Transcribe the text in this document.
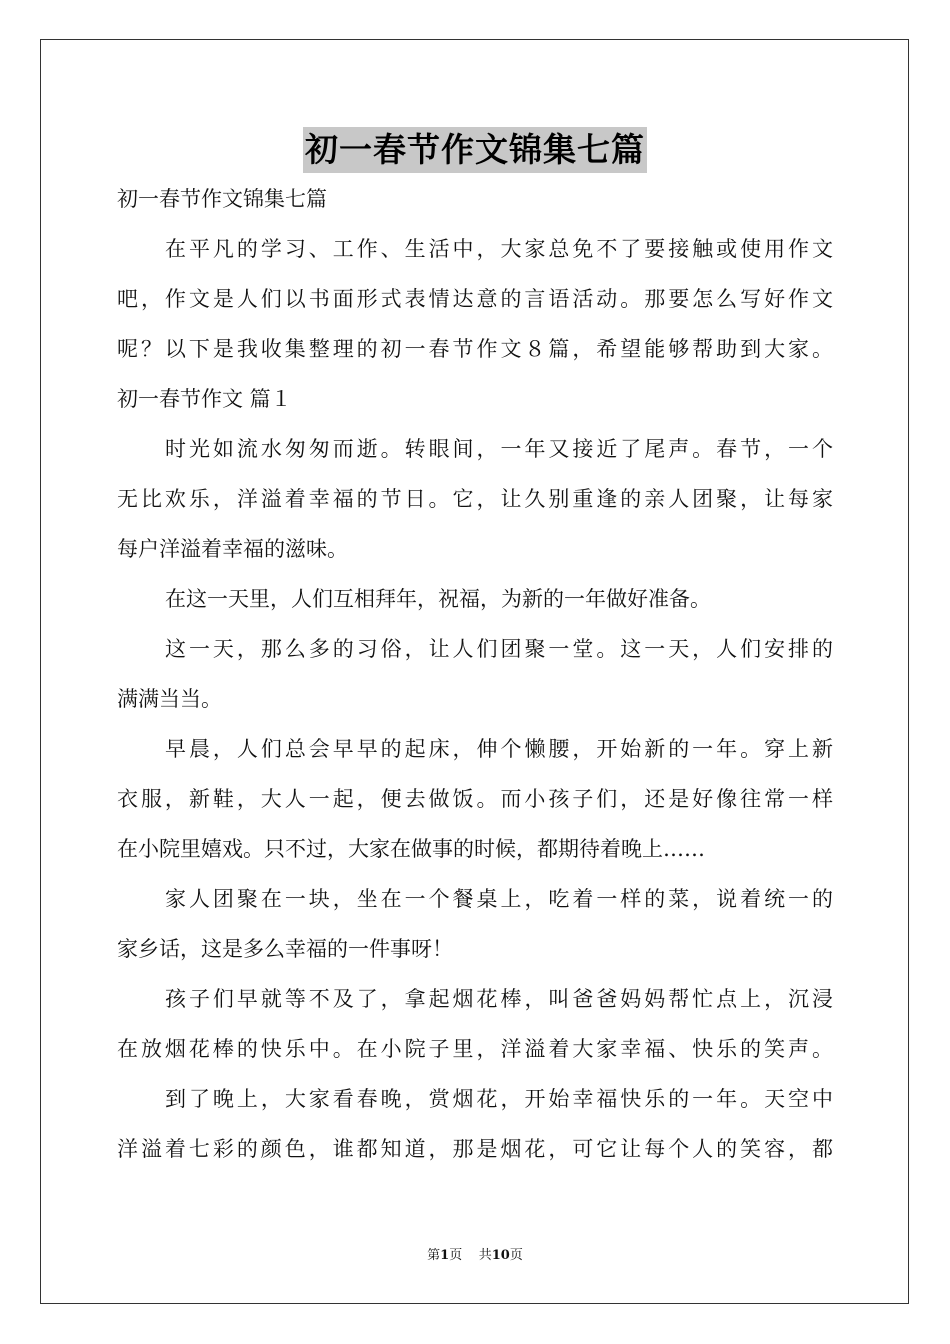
初一春节作文锦集七篇
初一春节作文锦集七篇
在平凡的学习、工作、生活中，大家总免不了要接触或使用作文
吧，作文是人们以书面形式表情达意的言语活动。那要怎么写好作文
呢？以下是我收集整理的初一春节作文８篇，希望能够帮助到大家。
初一春节作文 篇１
时光如流水匆匆而逝。转眼间，一年又接近了尾声。春节，一个
无比欢乐，洋溢着幸福的节日。它，让久别重逢的亲人团聚，让每家
每户洋溢着幸福的滋味。
在这一天里，人们互相拜年，祝福，为新的一年做好准备。
这一天，那么多的习俗，让人们团聚一堂。这一天，人们安排的
满满当当。
早晨，人们总会早早的起床，伸个懒腰，开始新的一年。穿上新
衣服，新鞋，大人一起，便去做饭。而小孩子们，还是好像往常一样
在小院里嬉戏。只不过，大家在做事的时候，都期待着晚上……
家人团聚在一块，坐在一个餐桌上，吃着一样的菜，说着统一的
家乡话，这是多么幸福的一件事呀！
孩子们早就等不及了，拿起烟花棒，叫爸爸妈妈帮忙点上，沉浸
在放烟花棒的快乐中。在小院子里，洋溢着大家幸福、快乐的笑声。
到了晚上，大家看春晚，赏烟花，开始幸福快乐的一年。天空中
洋溢着七彩的颜色，谁都知道，那是烟花，可它让每个人的笑容，都
第1页 共10页
